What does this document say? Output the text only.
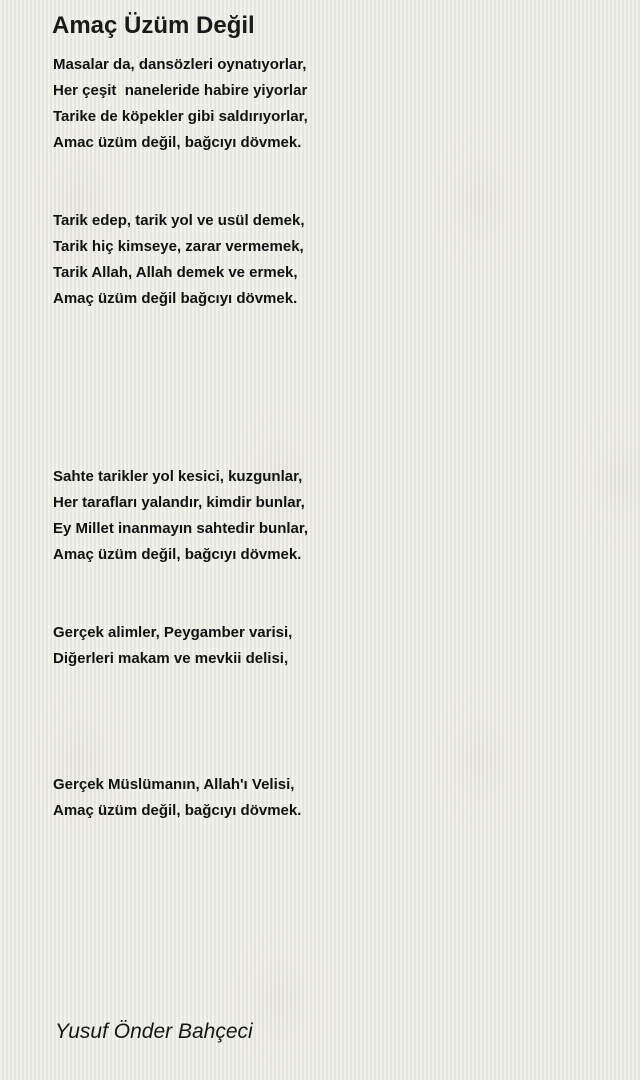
Amaç Üzüm Değil
Masalar da, dansözleri oynatıyorlar,
Her çeşit  naneleride habire yiyorlar
Tarike de köpekler gibi saldırıyorlar,
Amac üzüm değil, bağcıyı dövmek.
Tarik edep, tarik yol ve usül demek,
Tarik hiç kimseye, zarar vermemek,
Tarik Allah, Allah demek ve ermek,
Amaç üzüm değil bağcıyı dövmek.
Sahte tarikler yol kesici, kuzgunlar,
Her tarafları yalandır, kimdir bunlar,
Ey Millet inanmayın sahtedir bunlar,
Amaç üzüm değil, bağcıyı dövmek.
Gerçek alimler, Peygamber varisi,
Diğerleri makam ve mevkii delisi,
Gerçek Müslümanın, Allah'ı Velisi,
Amaç üzüm değil, bağcıyı dövmek.
Yusuf Önder Bahçeci
